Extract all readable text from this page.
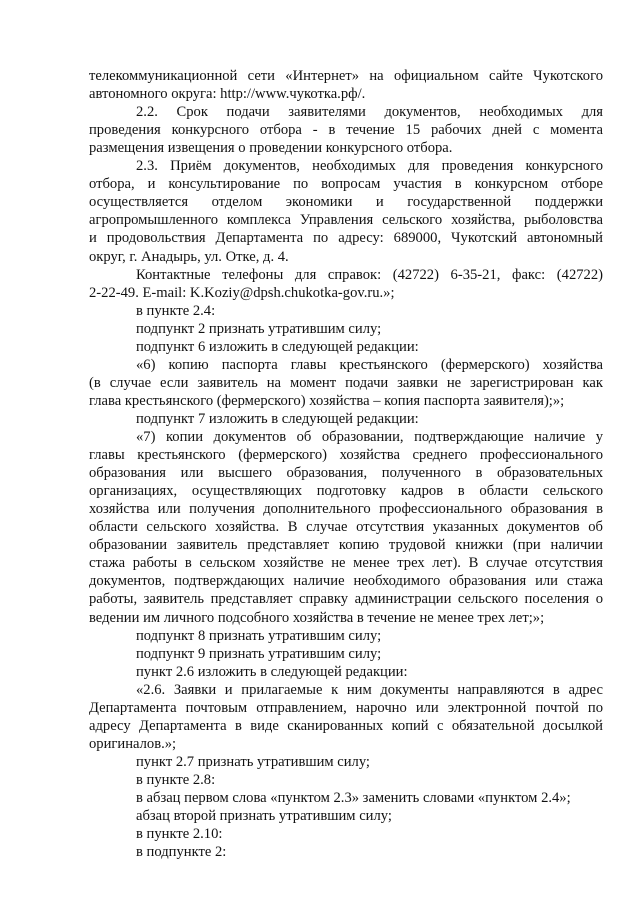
телекоммуникационной сети «Интернет» на официальном сайте Чукотского
автономного округа: http://www.чукотка.рф/.
2.2. Срок подачи заявителями документов, необходимых для
проведения конкурсного отбора - в течение 15 рабочих дней с момента
размещения извещения о проведении конкурсного отбора.
2.3. Приём документов, необходимых для проведения конкурсного
отбора, и консультирование по вопросам участия в конкурсном отборе
осуществляется отделом экономики и государственной поддержки
агропромышленного комплекса Управления сельского хозяйства, рыболовства
и продовольствия Департамента по адресу: 689000, Чукотский автономный
округ, г. Анадырь, ул. Отке, д. 4.
Контактные телефоны для справок: (42722) 6-35-21, факс: (42722)
2-22-49. E-mail: K.Koziy@dpsh.chukotka-gov.ru.»;
в пункте 2.4:
подпункт 2 признать утратившим силу;
подпункт 6 изложить в следующей редакции:
«6) копию паспорта главы крестьянского (фермерского) хозяйства
(в случае если заявитель на момент подачи заявки не зарегистрирован как
глава крестьянского (фермерского) хозяйства – копия паспорта заявителя);»;
подпункт 7 изложить в следующей редакции:
«7) копии документов об образовании, подтверждающие наличие у
главы крестьянского (фермерского) хозяйства среднего профессионального
образования или высшего образования, полученного в образовательных
организациях, осуществляющих подготовку кадров в области сельского
хозяйства или получения дополнительного профессионального образования в
области сельского хозяйства. В случае отсутствия указанных документов об
образовании заявитель представляет копию трудовой книжки (при наличии
стажа работы в сельском хозяйстве не менее трех лет). В случае отсутствия
документов, подтверждающих наличие необходимого образования или стажа
работы, заявитель представляет справку администрации сельского поселения о
ведении им личного подсобного хозяйства в течение не менее трех лет;»;
подпункт 8 признать утратившим силу;
подпункт 9 признать утратившим силу;
пункт 2.6 изложить в следующей редакции:
«2.6. Заявки и прилагаемые к ним документы направляются в адрес
Департамента почтовым отправлением, нарочно или электронной почтой по
адресу Департамента в виде сканированных копий с обязательной досылкой
оригиналов.»;
пункт 2.7 признать утратившим силу;
в пункте 2.8:
в абзац первом слова «пунктом 2.3» заменить словами «пунктом 2.4»;
абзац второй признать утратившим силу;
в пункте 2.10:
в подпункте 2:
